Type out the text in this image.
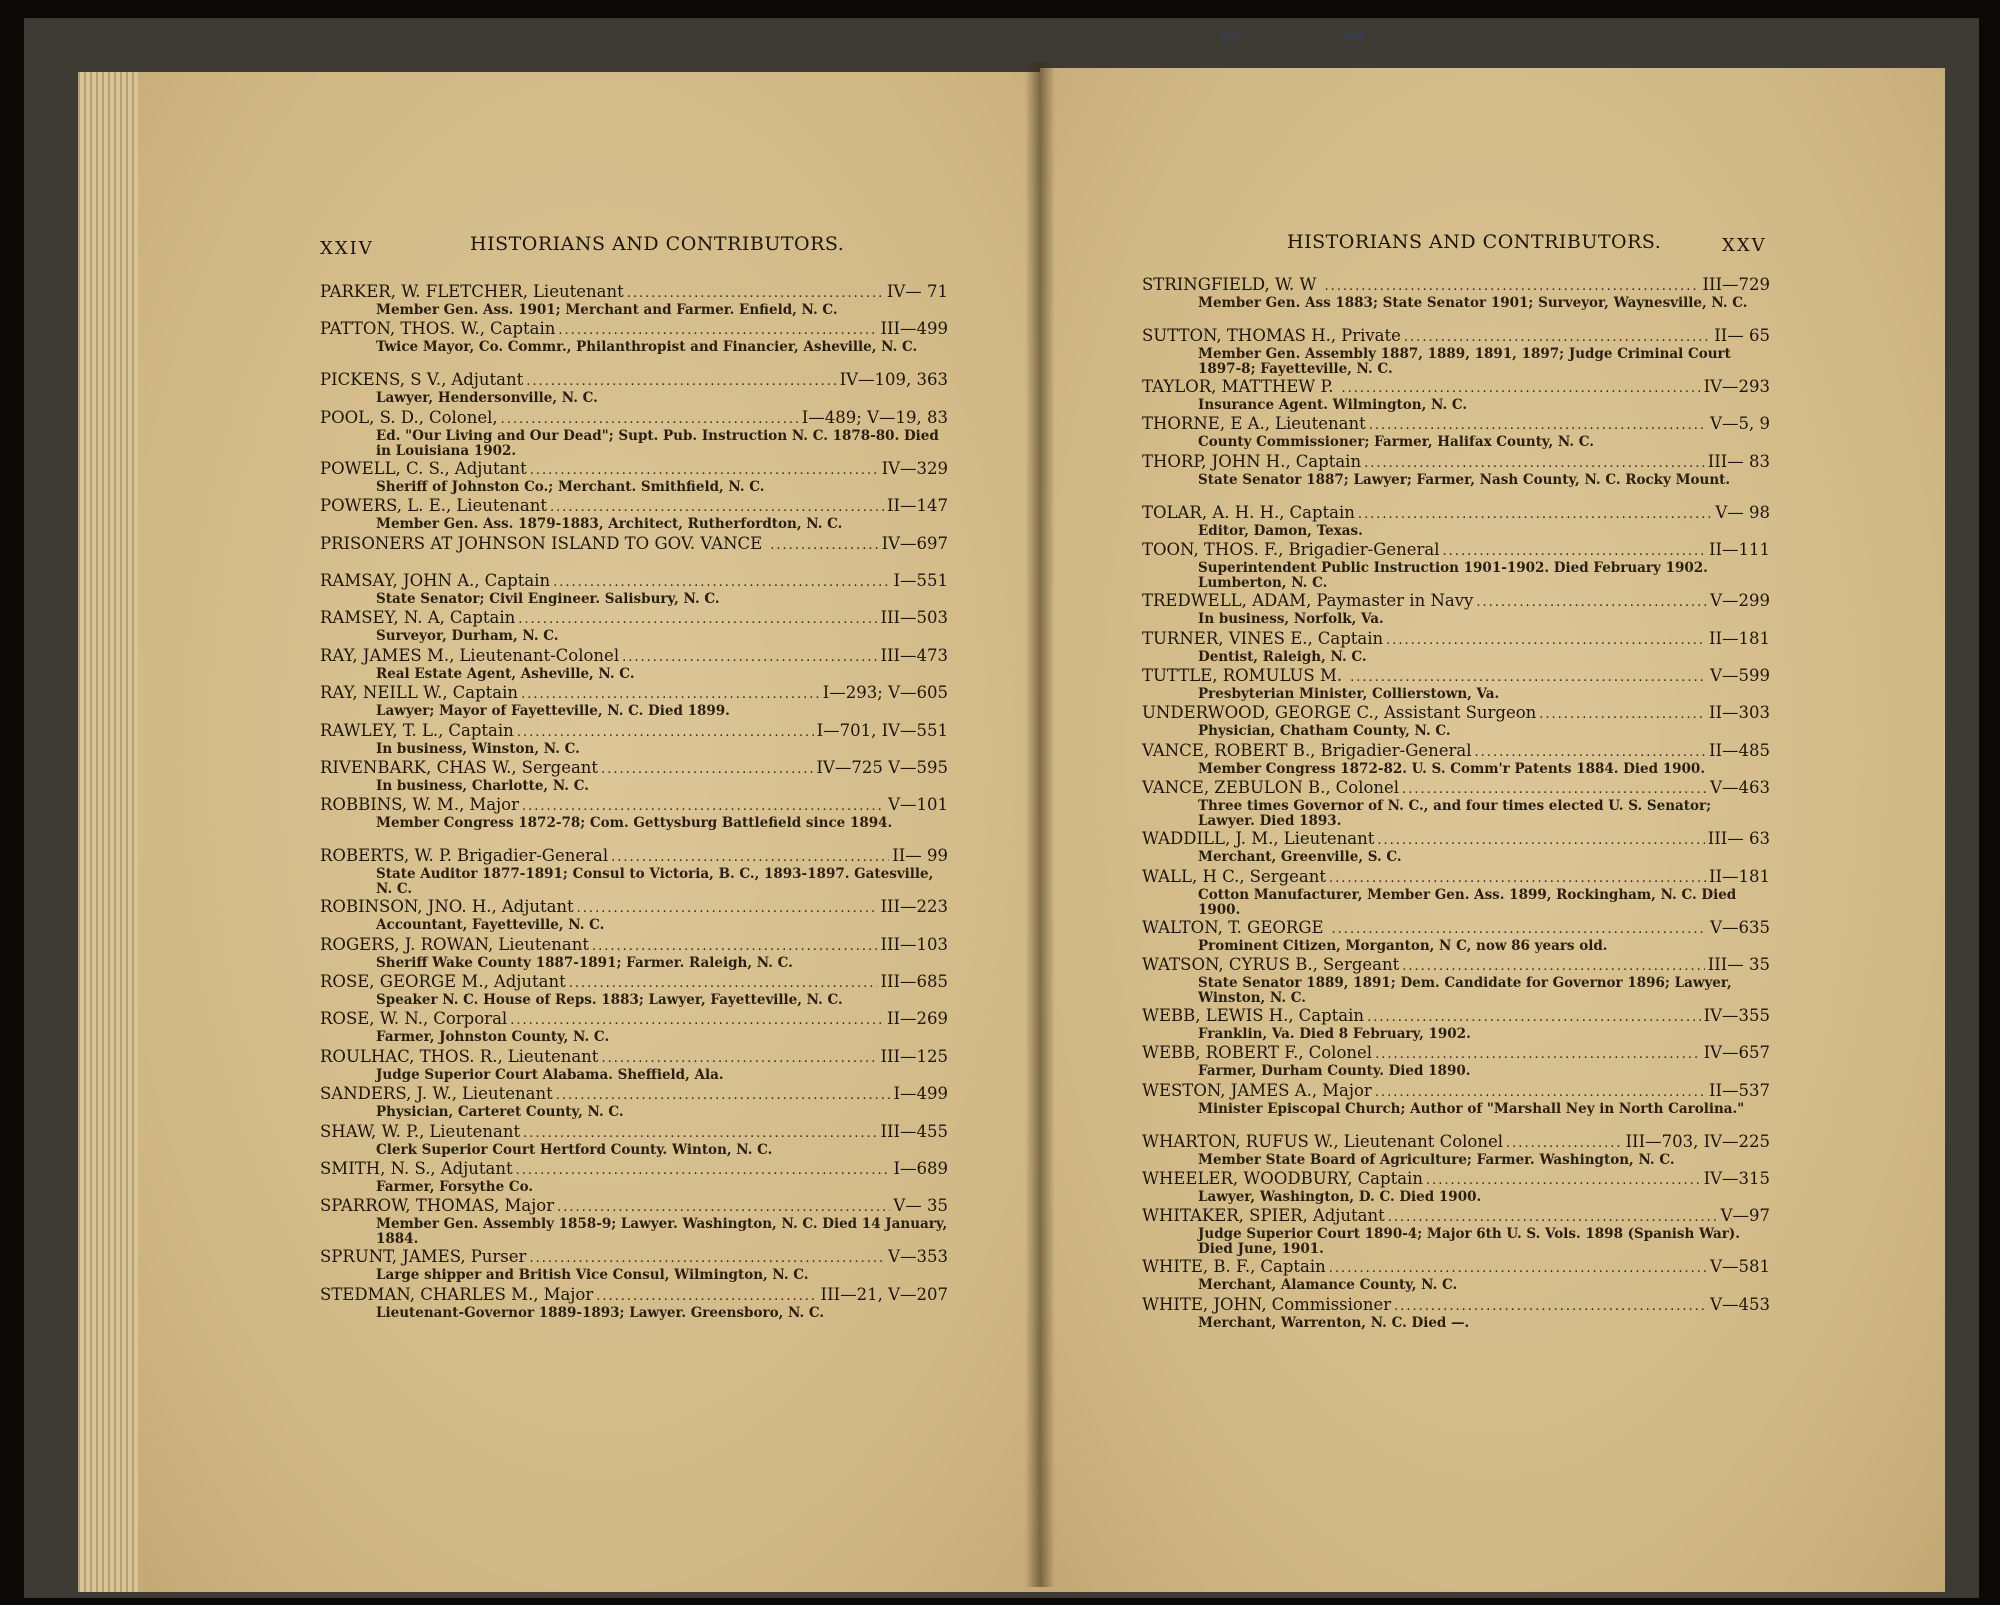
← · · →
XXIV	HISTORIANS AND CONTRIBUTORS.	HISTORIANS AND CONTRIBUTORS.	XXV
PARKER, W. FLETCHER, Lieutenant .....	IV— 71
Member Gen. Ass. 1901; Merchant and Farmer. Enfield, N. C.
PATTON, THOS. W., Captain .....	III—499
Twice Mayor, Co. Commr., Philanthropist and Financier, Asheville, N. C.
PICKENS, S V., Adjutant .....	IV—109, 363
Lawyer, Hendersonville, N. C.
POOL, S. D., Colonel, .....	I—489; V—19, 83
Ed. "Our Living and Our Dead"; Supt. Pub. Instruction N. C. 1878-80. Died in Louisiana 1902.
POWELL, C. S., Adjutant .....	IV—329
Sheriff of Johnston Co.; Merchant. Smithfield, N. C.
POWERS, L. E., Lieutenant .....	II—147
Member Gen. Ass. 1879-1883, Architect, Rutherfordton, N. C.
PRISONERS AT JOHNSON ISLAND TO GOV. VANCE .....	IV—697
RAMSAY, JOHN A., Captain .....	I—551
State Senator; Civil Engineer. Salisbury, N. C.
RAMSEY, N. A, Captain .....	III—503
Surveyor, Durham, N. C.
RAY, JAMES M., Lieutenant-Colonel .....	III—473
Real Estate Agent, Asheville, N. C.
RAY, NEILL W., Captain .....	I—293; V—605
Lawyer; Mayor of Fayetteville, N. C. Died 1899.
RAWLEY, T. L., Captain .....	I—701, IV—551
In business, Winston, N. C.
RIVENBARK, CHAS W., Sergeant .....	IV—725 V—595
In business, Charlotte, N. C.
ROBBINS, W. M., Major .....	V—101
Member Congress 1872-78; Com. Gettysburg Battlefield since 1894.
ROBERTS, W. P. Brigadier-General .....	II— 99
State Auditor 1877-1891; Consul to Victoria, B. C., 1893-1897. Gatesville, N. C.
ROBINSON, JNO. H., Adjutant .....	III—223
Accountant, Fayetteville, N. C.
ROGERS, J. ROWAN, Lieutenant .....	III—103
Sheriff Wake County 1887-1891; Farmer. Raleigh, N. C.
ROSE, GEORGE M., Adjutant .....	III—685
Speaker N. C. House of Reps. 1883; Lawyer, Fayetteville, N. C.
ROSE, W. N., Corporal .....	II—269
Farmer, Johnston County, N. C.
ROULHAC, THOS. R., Lieutenant .....	III—125
Judge Superior Court Alabama. Sheffield, Ala.
SANDERS, J. W., Lieutenant .....	I—499
Physician, Carteret County, N. C.
SHAW, W. P., Lieutenant .....	III—455
Clerk Superior Court Hertford County. Winton, N. C.
SMITH, N. S., Adjutant .....	I—689
Farmer, Forsythe Co.
SPARROW, THOMAS, Major .....	V— 35
Member Gen. Assembly 1858-9; Lawyer. Washington, N. C. Died 14 January, 1884.
SPRUNT, JAMES, Purser .....	V—353
Large shipper and British Vice Consul, Wilmington, N. C.
STEDMAN, CHARLES M., Major .....	III—21, V—207
Lieutenant-Governor 1889-1893; Lawyer. Greensboro, N. C.
STRINGFIELD, W. W .....	III—729
Member Gen. Ass 1883; State Senator 1901; Surveyor, Waynesville, N. C.
SUTTON, THOMAS H., Private .....	II— 65
Member Gen. Assembly 1887, 1889, 1891, 1897; Judge Criminal Court 1897-8; Fayetteville, N. C.
TAYLOR, MATTHEW P. .....	IV—293
Insurance Agent. Wilmington, N. C.
THORNE, E A., Lieutenant .....	V—5, 9
County Commissioner; Farmer, Halifax County, N. C.
THORP, JOHN H., Captain .....	III— 83
State Senator 1887; Lawyer; Farmer, Nash County, N. C. Rocky Mount.
TOLAR, A. H. H., Captain .....	V— 98
Editor, Damon, Texas.
TOON, THOS. F., Brigadier-General .....	II—111
Superintendent Public Instruction 1901-1902. Died February 1902. Lumberton, N. C.
TREDWELL, ADAM, Paymaster in Navy .....	V—299
In business, Norfolk, Va.
TURNER, VINES E., Captain .....	II—181
Dentist, Raleigh, N. C.
TUTTLE, ROMULUS M. .....	V—599
Presbyterian Minister, Collierstown, Va.
UNDERWOOD, GEORGE C., Assistant Surgeon .....	II—303
Physician, Chatham County, N. C.
VANCE, ROBERT B., Brigadier-General .....	II—485
Member Congress 1872-82. U. S. Comm'r Patents 1884. Died 1900.
VANCE, ZEBULON B., Colonel .....	V—463
Three times Governor of N. C., and four times elected U. S. Senator; Lawyer. Died 1893.
WADDILL, J. M., Lieutenant .....	III— 63
Merchant, Greenville, S. C.
WALL, H C., Sergeant .....	II—181
Cotton Manufacturer, Member Gen. Ass. 1899, Rockingham, N. C. Died 1900.
WALTON, T. GEORGE .....	V—635
Prominent Citizen, Morganton, N C, now 86 years old.
WATSON, CYRUS B., Sergeant .....	III— 35
State Senator 1889, 1891; Dem. Candidate for Governor 1896; Lawyer, Winston, N. C.
WEBB, LEWIS H., Captain .....	IV—355
Franklin, Va. Died 8 February, 1902.
WEBB, ROBERT F., Colonel .....	IV—657
Farmer, Durham County. Died 1890.
WESTON, JAMES A., Major .....	II—537
Minister Episcopal Church; Author of "Marshall Ney in North Carolina."
WHARTON, RUFUS W., Lieutenant Colonel .....	III—703, IV—225
Member State Board of Agriculture; Farmer. Washington, N. C.
WHEELER, WOODBURY, Captain .....	IV—315
Lawyer, Washington, D. C. Died 1900.
WHITAKER, SPIER, Adjutant .....	V—97
Judge Superior Court 1890-4; Major 6th U. S. Vols. 1898 (Spanish War). Died June, 1901.
WHITE, B. F., Captain .....	V—581
Merchant, Alamance County, N. C.
WHITE, JOHN, Commissioner .....	V—453
Merchant, Warrenton, N. C. Died —.
